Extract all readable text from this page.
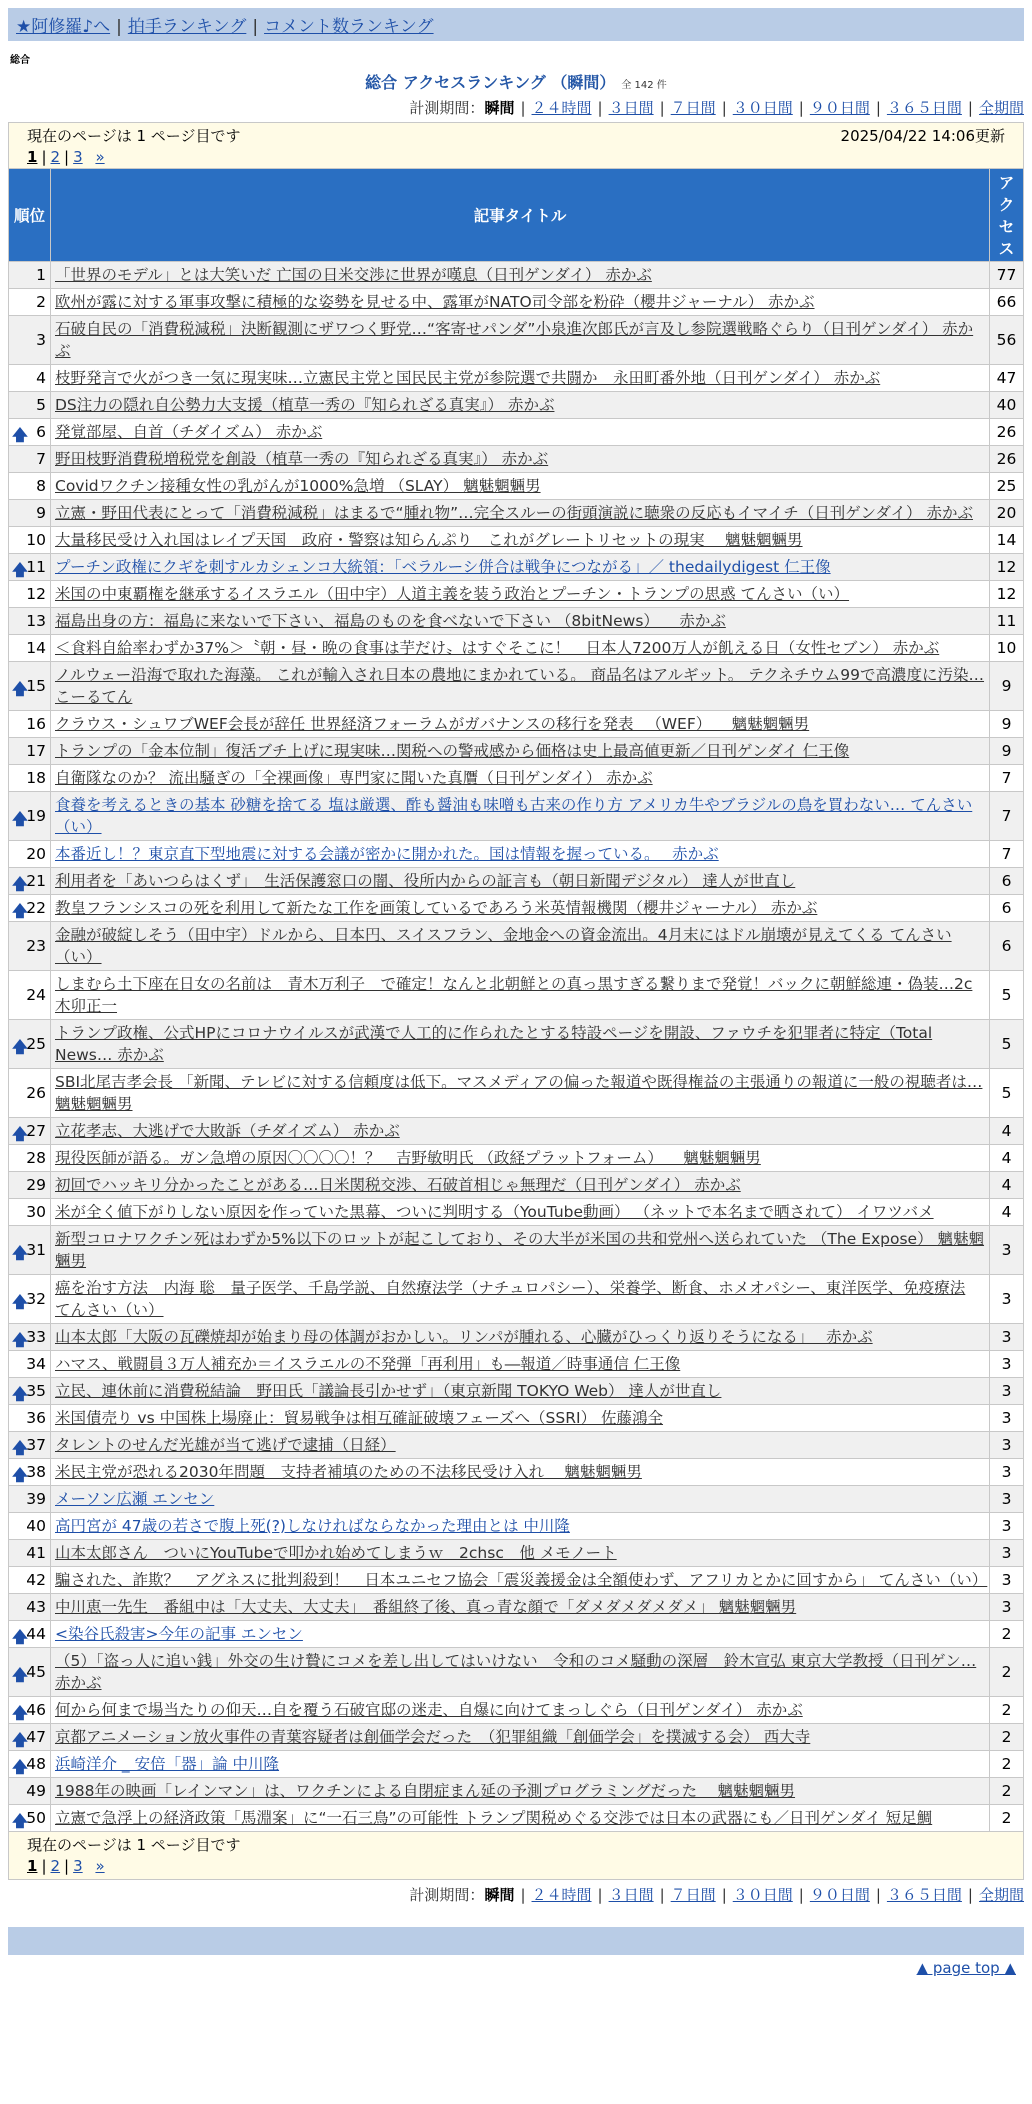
★阿修羅♪へ | 拍手ランキング | コメント数ランキング
総合
総合 アクセスランキング （瞬間） 全 142 件
計測期間：瞬間 | ２４時間 | ３日間 | ７日間 | ３０日間 | ９０日間 | ３６５日間 | 全期間
現在のページは 1 ページ目です	2025/04/22 14:06更新
1 | 2 | 3 »
順位	記事タイトル	アクセス
1	「世界のモデル」とは大笑いだ 亡国の日米交渉に世界が嘆息（日刊ゲンダイ） 赤かぶ	77
2	欧州が露に対する軍事攻撃に積極的な姿勢を見せる中、露軍がNATO司令部を粉砕（櫻井ジャーナル） 赤かぶ	66
3	石破自民の「消費税減税」決断観測にザワつく野党…“客寄せパンダ”小泉進次郎氏が言及し参院選戦略ぐらり（日刊ゲンダイ） 赤かぶ	56
4	枝野発言で火がつき一気に現実味…立憲民主党と国民民主党が参院選で共闘か　永田町番外地（日刊ゲンダイ） 赤かぶ	47
5	DS注力の隠れ自公勢力大支援（植草一秀の『知られざる真実』） 赤かぶ	40

🡅 6	発覚部屋、自首（チダイズム） 赤かぶ	26
7	野田枝野消費税増税党を創設（植草一秀の『知られざる真実』） 赤かぶ	26
8	Covidワクチン接種女性の乳がんが1000%急増 （SLAY） 魑魅魍魎男	25
9	立憲・野田代表にとって「消費税減税」はまるで“腫れ物”…完全スルーの街頭演説に聴衆の反応もイマイチ（日刊ゲンダイ） 赤かぶ	20
10	大量移民受け入れ国はレイプ天国　政府・警察は知らんぷり　これがグレートリセットの現実　 魑魅魍魎男	14

🡅
11	プーチン政権にクギを刺すルカシェンコ大統領：「ベラルーシ併合は戦争につながる」／ thedailydigest 仁王像	12
12	米国の中東覇権を継承するイスラエル（田中宇）人道主義を装う政治とプーチン・トランプの思惑 てんさい（い）	12
13	福島出身の方：福島に来ないで下さい、福島のものを食べないで下さい （8bitNews） 　赤かぶ	11
14	＜食料自給率わずか37%＞〝朝・昼・晩の食事は芋だけ〟はすぐそこに！　日本人7200万人が飢える日（女性セブン） 赤かぶ	10

🡅
15	ノルウェー沿海で取れた海藻。 これが輸入され日本の農地にまかれている。 商品名はアルギット。 テクネチウム99で高濃度に汚染… こーるてん	9
16	クラウス・シュワブWEF会長が辞任 世界経済フォーラムがガバナンスの移行を発表 　（WEF） 　魑魅魍魎男	9
17	トランプの「金本位制」復活ブチ上げに現実味…関税への警戒感から価格は史上最高値更新／日刊ゲンダイ 仁王像	9
18	自衛隊なのか？ 流出騒ぎの「全裸画像」専門家に聞いた真贋（日刊ゲンダイ） 赤かぶ	7

🡅
19	食養を考えるときの基本 砂糖を捨てる 塩は厳選、酢も醤油も味噌も古来の作り方 アメリカ牛やブラジルの鳥を買わない… てんさい（い）	7
20	本番近し！？東京直下型地震に対する会議が密かに開かれた。国は情報を握っている。　 赤かぶ	7

🡅
21	利用者を「あいつらはくず」　生活保護窓口の闇、役所内からの証言も（朝日新聞デジタル） 達人が世直し	6

🡅
22	教皇フランシスコの死を利用して新たな工作を画策しているであろう米英情報機関（櫻井ジャーナル） 赤かぶ	6
23	金融が破綻しそう（田中宇）ドルから、日本円、スイスフラン、金地金への資金流出。4月末にはドル崩壊が見えてくる てんさい（い）	6
24	しまむら土下座在日女の名前は　青木万利子　で確定！なんと北朝鮮との真っ黒すぎる繋りまで発覚！バックに朝鮮総連・偽装…2c 木卯正一	5

🡅
25	トランプ政権、公式HPにコロナウイルスが武漢で人工的に作られたとする特設ページを開設、ファウチを犯罪者に特定（Total News… 赤かぶ	5
26	SBI北尾吉孝会長 「新聞、テレビに対する信頼度は低下。マスメディアの偏った報道や既得権益の主張通りの報道に一般の視聴者は… 魑魅魍魎男	5

🡅
27	立花孝志、大逃げで大敗訴（チダイズム） 赤かぶ	4
28	現役医師が語る。ガン急増の原因〇〇〇〇！？　吉野敏明氏 （政経プラットフォーム） 　魑魅魍魎男	4
29	初回でハッキリ分かったことがある…日米関税交渉、石破首相じゃ無理だ（日刊ゲンダイ） 赤かぶ	4
30	米が全く値下がりしない原因を作っていた黒幕、ついに判明する（YouTube動画） （ネットで本名まで晒されて） イワツバメ	4

🡅
31	新型コロナワクチン死はわずか5%以下のロットが起こしており、その大半が米国の共和党州へ送られていた （The Expose） 魑魅魍魎男	3

🡅
32	癌を治す方法　内海 聡　量子医学、千島学説、自然療法学（ナチュロパシー）、栄養学、断食、ホメオパシー、東洋医学、免疫療法 てんさい（い）	3

🡅
33	山本太郎「大阪の瓦礫焼却が始まり母の体調がおかしい。リンパが腫れる、心臓がひっくり返りそうになる」　 赤かぶ	3
34	ハマス、戦闘員３万人補充か＝イスラエルの不発弾「再利用」も―報道／時事通信 仁王像	3

🡅
35	立民、連休前に消費税結論　野田氏「議論長引かせず」（東京新聞 TOKYO Web） 達人が世直し	3
36	米国債売り vs 中国株上場廃止：貿易戦争は相互確証破壊フェーズへ（SSRI） 佐藤鴻全	3

🡅
37	タレントのせんだ光雄が当て逃げで逮捕（日経）	3

🡅
38	米民主党が恐れる2030年問題　支持者補填のための不法移民受け入れ　 魑魅魍魎男	3
39	メーソン広瀬 エンセン	3
40	高円宮が 47歳の若さで腹上死(?)しなければならなかった理由とは 中川隆	3
41	山本太郎さん　ついにYouTubeで叩かれ始めてしまうｗ　2chsc　他 メモノート	3
42	騙された、詐欺？　アグネスに批判殺到！　日本ユニセフ協会「震災義援金は全額使わず、アフリカとかに回すから」 てんさい（い）	3
43	中川恵一先生　番組中は「大丈夫、大丈夫」　番組終了後、真っ青な顔で「ダメダメダメダメ」 魑魅魍魎男	3

🡅
44	<染谷氏殺害>今年の記事 エンセン	2

🡅
45	（5）「盗っ人に追い銭」外交の生け贄にコメを差し出してはいけない　令和のコメ騒動の深層　鈴木宣弘 東京大学教授（日刊ゲン… 赤かぶ	2

🡅
46	何から何まで場当たりの仰天…自を覆う石破官邸の迷走、自爆に向けてまっしぐら（日刊ゲンダイ） 赤かぶ	2

🡅
47	京都アニメーション放火事件の青葉容疑者は創価学会だった　（犯罪組織「創価学会」を撲滅する会） 西大寺	2

🡅
48	浜崎洋介 _ 安倍「器」論 中川隆	2
49	1988年の映画「レインマン」は、ワクチンによる自閉症まん延の予測プログラミングだった　 魑魅魍魎男	2

🡅
50	立憲で急浮上の経済政策「馬淵案」に“一石三鳥”の可能性 トランプ関税めぐる交渉では日本の武器にも／日刊ゲンダイ 短足鯛	2
現在のページは 1 ページ目です
1 | 2 | 3 »
計測期間：瞬間 | ２４時間 | ３日間 | ７日間 | ３０日間 | ９０日間 | ３６５日間 | 全期間
▲ page top ▲
